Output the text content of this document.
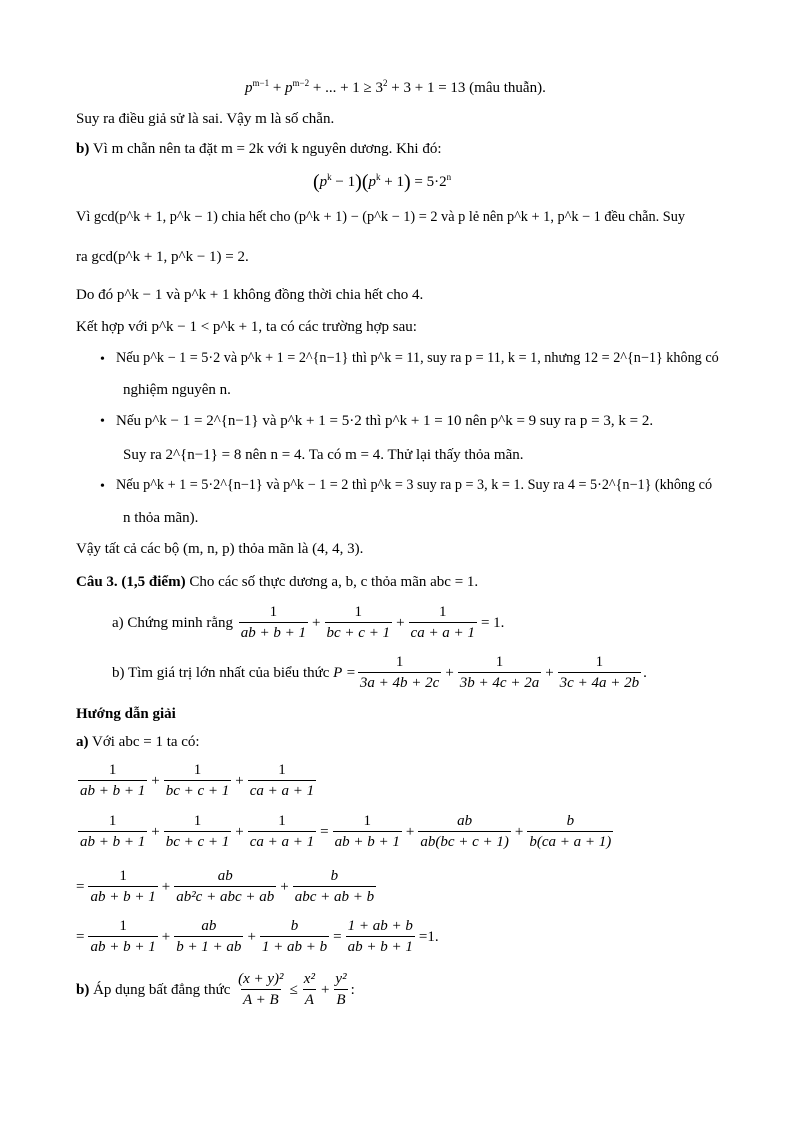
$p^{m-1} + p^{m-2}$ + ... + $1 \ge 3^2 + 3 + 1 = 13$ (mâu thuẫn).
Suy ra điều giả sử là sai. Vậy m là số chẵn.
b) Vì m chẵn nên ta đặt m = 2k với k nguyên dương. Khi đó:
$(p^k - 1)(p^k + 1) = 5\cdot 2^n$
Vì gcd(p^k + 1, p^k − 1) chia hết cho (p^k + 1) − (p^k − 1) = 2 và p lẻ nên p^k + 1, p^k − 1 đều chẵn. Suy
ra gcd(p^k + 1, p^k − 1) = 2.
Do đó p^k − 1 và p^k + 1 không đồng thời chia hết cho 4.
Kết hợp với p^k − 1 < p^k + 1, ta có các trường hợp sau:
• Nếu p^k − 1 = 5·2 và p^k + 1 = 2^{n−1} thì p^k = 11, suy ra p = 11, k = 1, nhưng 12 = 2^{n−1} không có
nghiệm nguyên n.
• Nếu p^k − 1 = 2^{n−1} và p^k + 1 = 5·2 thì p^k + 1 = 10 nên p^k = 9 suy ra p = 3, k = 2.
Suy ra 2^{n−1} = 8 nên n = 4. Ta có m = 4. Thử lại thấy thỏa mãn.
• Nếu p^k + 1 = 5·2^{n−1} và p^k − 1 = 2 thì p^k = 3 suy ra p = 3, k = 1. Suy ra 4 = 5·2^{n−1} (không có
n thỏa mãn).
Vậy tất cả các bộ (m, n, p) thỏa mãn là (4, 4, 3).
Câu 3. (1,5 điểm) Cho các số thực dương a, b, c thỏa mãn abc = 1.
a) Chứng minh rằng
$\frac{1}{ab + b + 1} + \frac{1}{bc + c + 1} + \frac{1}{ca + a + 1} = 1$.
b) Tìm giá trị lớn nhất của biểu thức
$P = \frac{1}{3a + 4b + 2c} + \frac{1}{3b + 4c + 2a} + \frac{1}{3c + 4a + 2b}$ .
Hướng dẫn giải
a) Với abc = 1 ta có:
$\frac{1}{ab + b + 1} + \frac{1}{bc + c + 1} + \frac{1}{ca + a + 1}$
$\frac{1}{ab + b + 1} + \frac{1}{bc + c + 1} + \frac{1}{ca + a + 1} = \frac{1}{ab + b + 1} + \frac{ab}{ab(bc + c + 1)} + \frac{b}{b(ca + a + 1)}$
= $\frac{1}{ab + b + 1} + \frac{ab}{\text{ab²c + abc + ab}} + \frac{b}{\text{abc + ab + b}}$
= $\frac{1}{ab + b + 1} + \frac{ab}{b + 1 + ab} + \frac{b}{1 + ab + b} = \frac{1 + ab + b}{ab + b + 1} =1$.
b)
Áp dụng bất đẳng thức
$\frac{\text{(x + y)²}}{A + B} \le \frac{\text{x²}}{A} + \frac{\text{y²}}{B}$ :
